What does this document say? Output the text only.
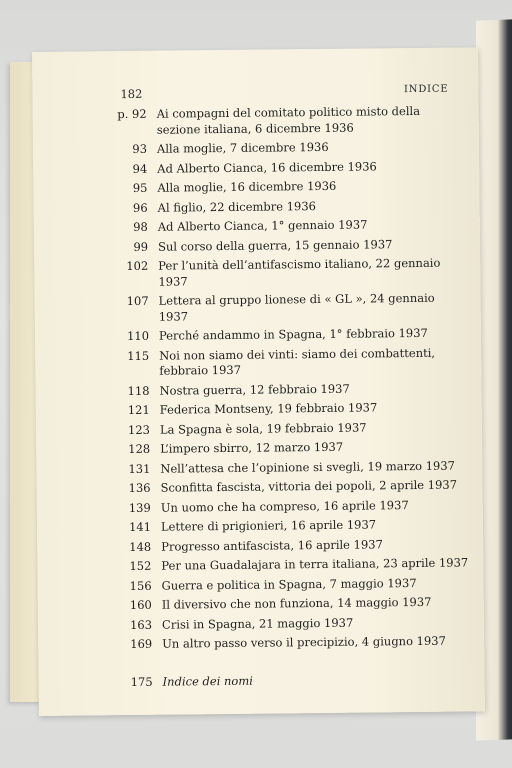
182	INDICE
p. 92 Ai compagni del comitato politico misto della sezione italiana, 6 dicembre 1936
93 Alla moglie, 7 dicembre 1936
94 Ad Alberto Cianca, 16 dicembre 1936
95 Alla moglie, 16 dicembre 1936
96 Al figlio, 22 dicembre 1936
98 Ad Alberto Cianca, 1° gennaio 1937
99 Sul corso della guerra, 15 gennaio 1937
102 Per l’unità dell’antifascismo italiano, 22 gennaio 1937
107 Lettera al gruppo lionese di « GL », 24 gennaio 1937
110 Perché andammo in Spagna, 1° febbraio 1937
115 Noi non siamo dei vinti: siamo dei combattenti, febbraio 1937
118 Nostra guerra, 12 febbraio 1937
121 Federica Montseny, 19 febbraio 1937
123 La Spagna è sola, 19 febbraio 1937
128 L’impero sbirro, 12 marzo 1937
131 Nell’attesa che l’opinione si svegli, 19 marzo 1937
136 Sconfitta fascista, vittoria dei popoli, 2 aprile 1937
139 Un uomo che ha compreso, 16 aprile 1937
141 Lettere di prigionieri, 16 aprile 1937
148 Progresso antifascista, 16 aprile 1937
152 Per una Guadalajara in terra italiana, 23 aprile 1937
156 Guerra e politica in Spagna, 7 maggio 1937
160 Il diversivo che non funziona, 14 maggio 1937
163 Crisi in Spagna, 21 maggio 1937
169 Un altro passo verso il precipizio, 4 giugno 1937
175 Indice dei nomi
